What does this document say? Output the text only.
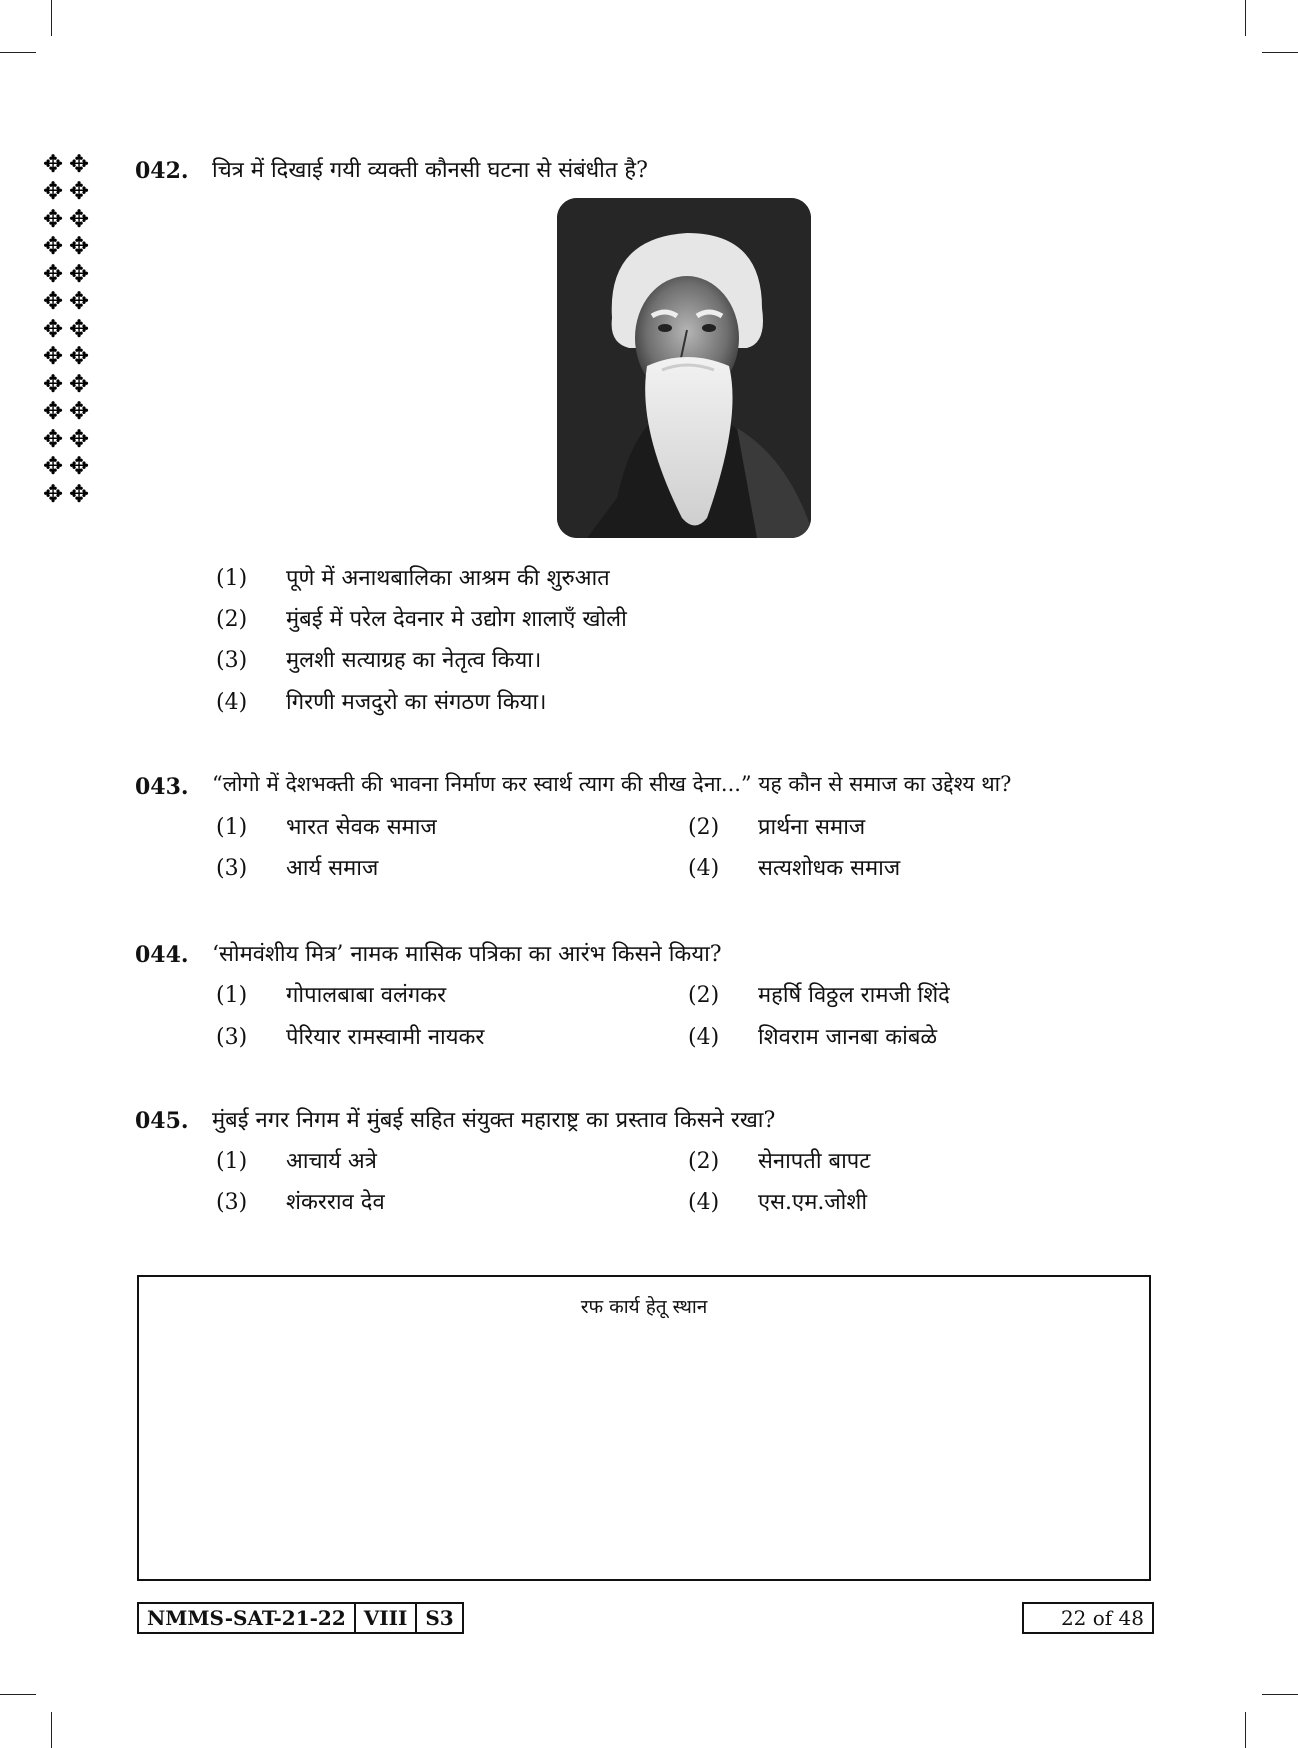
✥ ✥
✥ ✥
✥ ✥
✥ ✥
✥ ✥
✥ ✥
✥ ✥
✥ ✥
✥ ✥
✥ ✥
✥ ✥
✥ ✥
✥ ✥
042. चित्र में दिखाई गयी व्यक्ती कौनसी घटना से संबंधीत है?
(1) पूणे में अनाथबालिका आश्रम की शुरुआत
(2) मुंबई में परेल देवनार मे उद्योग शालाएँ खोली
(3) मुलशी सत्याग्रह का नेतृत्व किया।
(4) गिरणी मजदुरो का संगठण किया।
043. “लोगो में देशभक्ती की भावना निर्माण कर स्वार्थ त्याग की सीख देना...” यह कौन से समाज का उद्देश्य था?
(1) भारत सेवक समाज	(2) प्रार्थना समाज
(3) आर्य समाज	(4) सत्यशोधक समाज
044. ‘सोमवंशीय मित्र’ नामक मासिक पत्रिका का आरंभ किसने किया?
(1) गोपालबाबा वलंगकर	(2) महर्षि विठ्ठल रामजी शिंदे
(3) पेरियार रामस्वामी नायकर	(4) शिवराम जानबा कांबळे
045. मुंबई नगर निगम में मुंबई सहित संयुक्त महाराष्ट्र का प्रस्ताव किसने रखा?
(1) आचार्य अत्रे	(2) सेनापती बापट
(3) शंकरराव देव	(4) एस.एम.जोशी
रफ कार्य हेतू स्थान
NMMS-SAT-21-22 VIII S3	22 of 48
